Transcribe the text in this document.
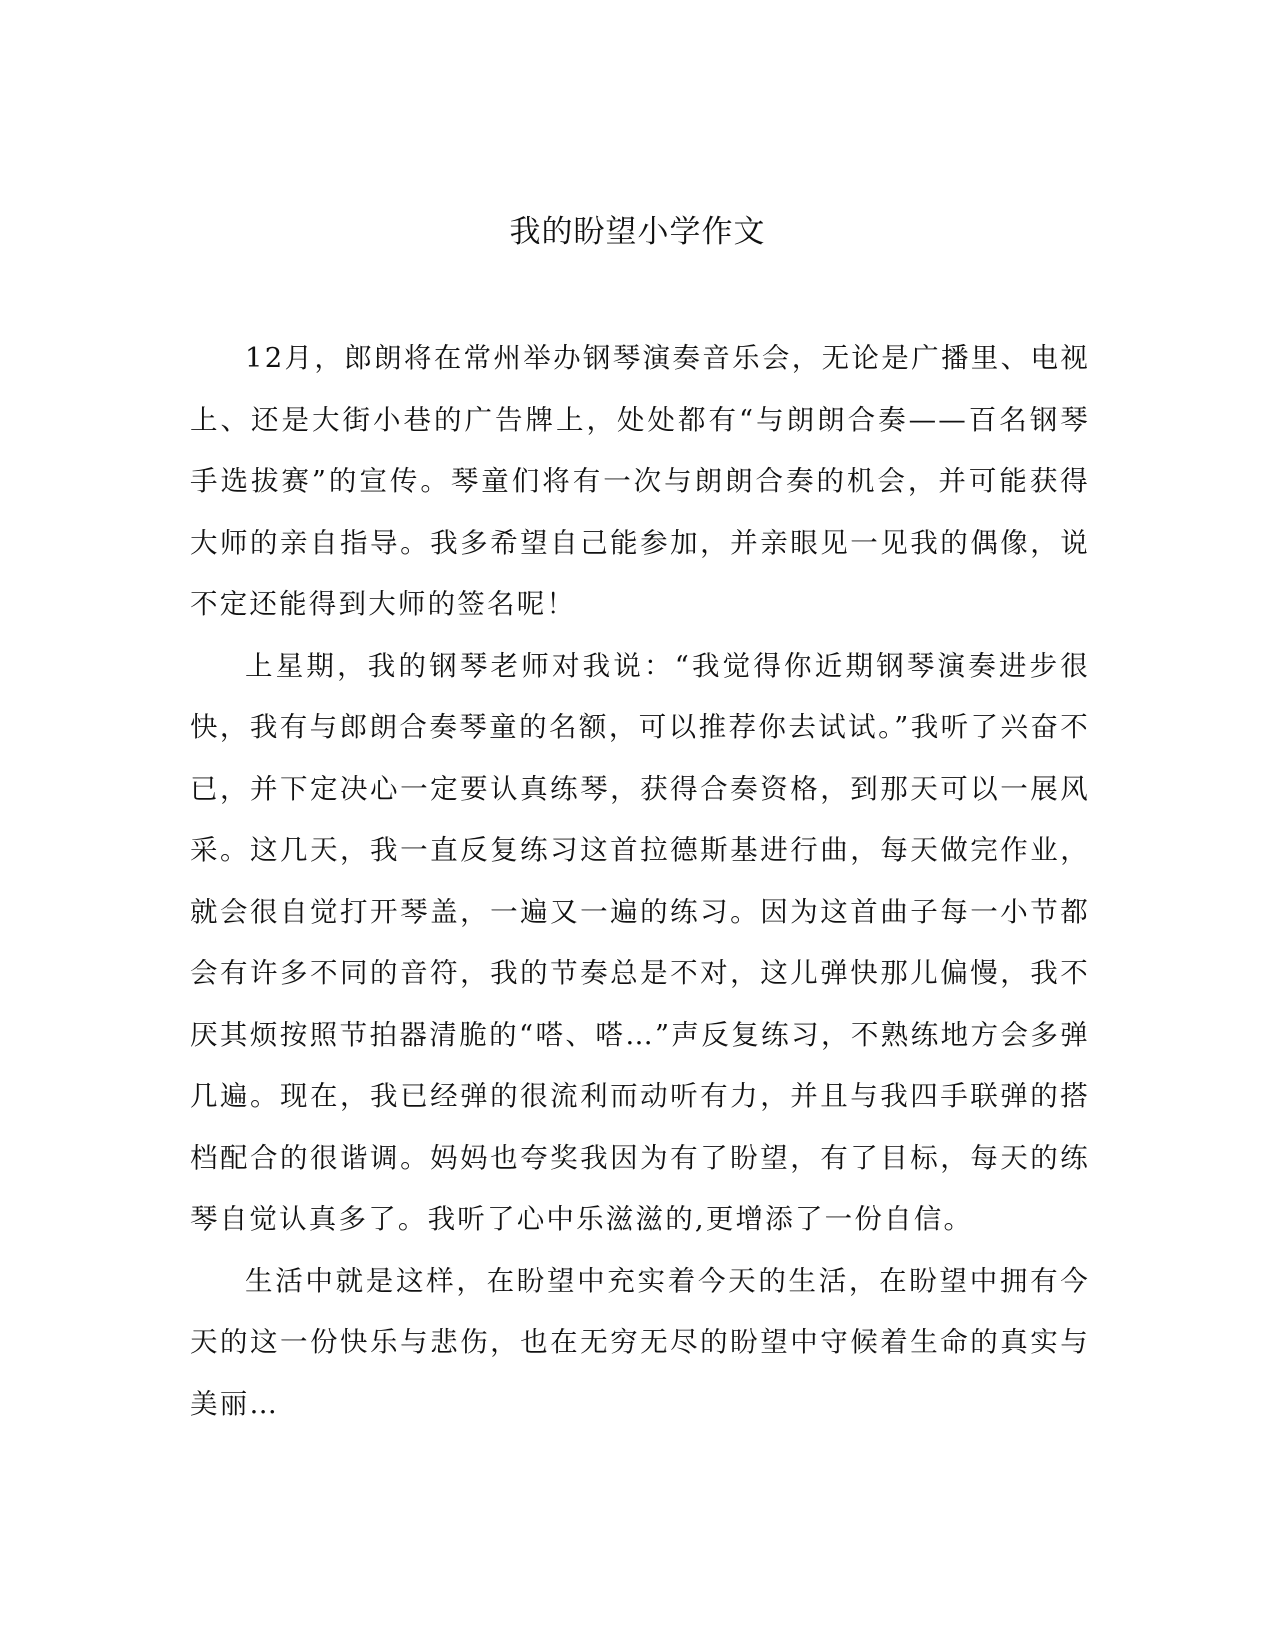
我的盼望小学作文

12月，郎朗将在常州举办钢琴演奏音乐会，无论是广播里、电视上、还是大街小巷的广告牌上，处处都有“与朗朗合奏——百名钢琴手选拔赛”的宣传。琴童们将有一次与朗朗合奏的机会，并可能获得大师的亲自指导。我多希望自己能参加，并亲眼见一见我的偶像，说不定还能得到大师的签名呢！

上星期，我的钢琴老师对我说：“我觉得你近期钢琴演奏进步很快，我有与郎朗合奏琴童的名额，可以推荐你去试试。”我听了兴奋不已，并下定决心一定要认真练琴，获得合奏资格，到那天可以一展风采。这几天，我一直反复练习这首拉德斯基进行曲，每天做完作业，就会很自觉打开琴盖，一遍又一遍的练习。因为这首曲子每一小节都会有许多不同的音符，我的节奏总是不对，这儿弹快那儿偏慢，我不厌其烦按照节拍器清脆的“嗒、嗒…”声反复练习，不熟练地方会多弹几遍。现在，我已经弹的很流利而动听有力，并且与我四手联弹的搭档配合的很谐调。妈妈也夸奖我因为有了盼望，有了目标，每天的练琴自觉认真多了。我听了心中乐滋滋的,更增添了一份自信。

生活中就是这样，在盼望中充实着今天的生活，在盼望中拥有今天的这一份快乐与悲伤，也在无穷无尽的盼望中守候着生命的真实与美丽…
